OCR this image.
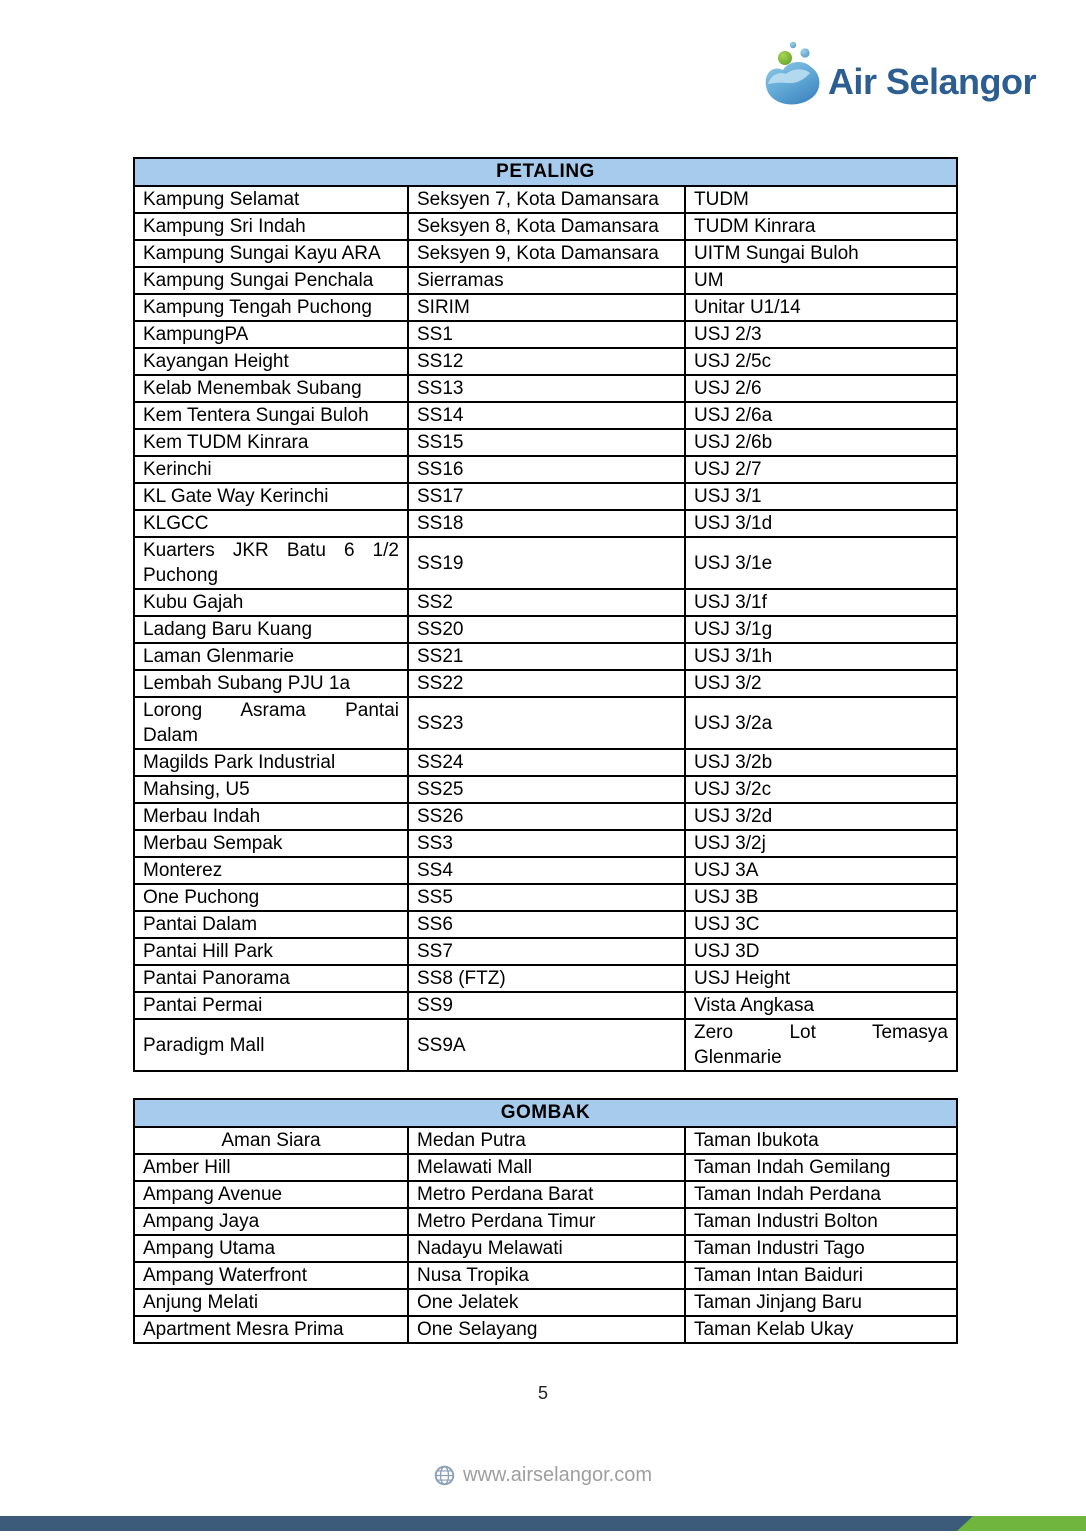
Air Selangor
PETALING		
Kampung Selamat	Seksyen 7, Kota Damansara	TUDM
Kampung Sri Indah	Seksyen 8, Kota Damansara	TUDM Kinrara
Kampung Sungai Kayu ARA	Seksyen 9, Kota Damansara	UITM Sungai Buloh
Kampung Sungai Penchala	Sierramas	UM
Kampung Tengah Puchong	SIRIM	Unitar U1/14
KampungPA	SS1	USJ 2/3
Kayangan Height	SS12	USJ 2/5c
Kelab Menembak Subang	SS13	USJ 2/6
Kem Tentera Sungai Buloh	SS14	USJ 2/6a
Kem TUDM Kinrara	SS15	USJ 2/6b
Kerinchi	SS16	USJ 2/7
KL Gate Way Kerinchi	SS17	USJ 3/1
KLGCC	SS18	USJ 3/1d

Kuarters JKR Batu 6 1/2
Puchong	SS19	USJ 3/1e
Kubu Gajah	SS2	USJ 3/1f
Ladang Baru Kuang	SS20	USJ 3/1g
Laman Glenmarie	SS21	USJ 3/1h
Lembah Subang PJU 1a	SS22	USJ 3/2

Lorong Asrama Pantai
Dalam	SS23	USJ 3/2a
Magilds Park Industrial	SS24	USJ 3/2b
Mahsing, U5	SS25	USJ 3/2c
Merbau Indah	SS26	USJ 3/2d
Merbau Sempak	SS3	USJ 3/2j
Monterez	SS4	USJ 3A
One Puchong	SS5	USJ 3B
Pantai Dalam	SS6	USJ 3C
Pantai Hill Park	SS7	USJ 3D
Pantai Panorama	SS8 (FTZ)	USJ Height
Pantai Permai	SS9	Vista Angkasa
Paradigm Mall	SS9A	Zero Lot Temasya
Glenmarie
GOMBAK		
Aman Siara	Medan Putra	Taman Ibukota
Amber Hill	Melawati Mall	Taman Indah Gemilang
Ampang Avenue	Metro Perdana Barat	Taman Indah Perdana
Ampang Jaya	Metro Perdana Timur	Taman Industri Bolton
Ampang Utama	Nadayu Melawati	Taman Industri Tago
Ampang Waterfront	Nusa Tropika	Taman Intan Baiduri
Anjung Melati	One Jelatek	Taman Jinjang Baru
Apartment Mesra Prima	One Selayang	Taman Kelab Ukay
5
www.airselangor.com
